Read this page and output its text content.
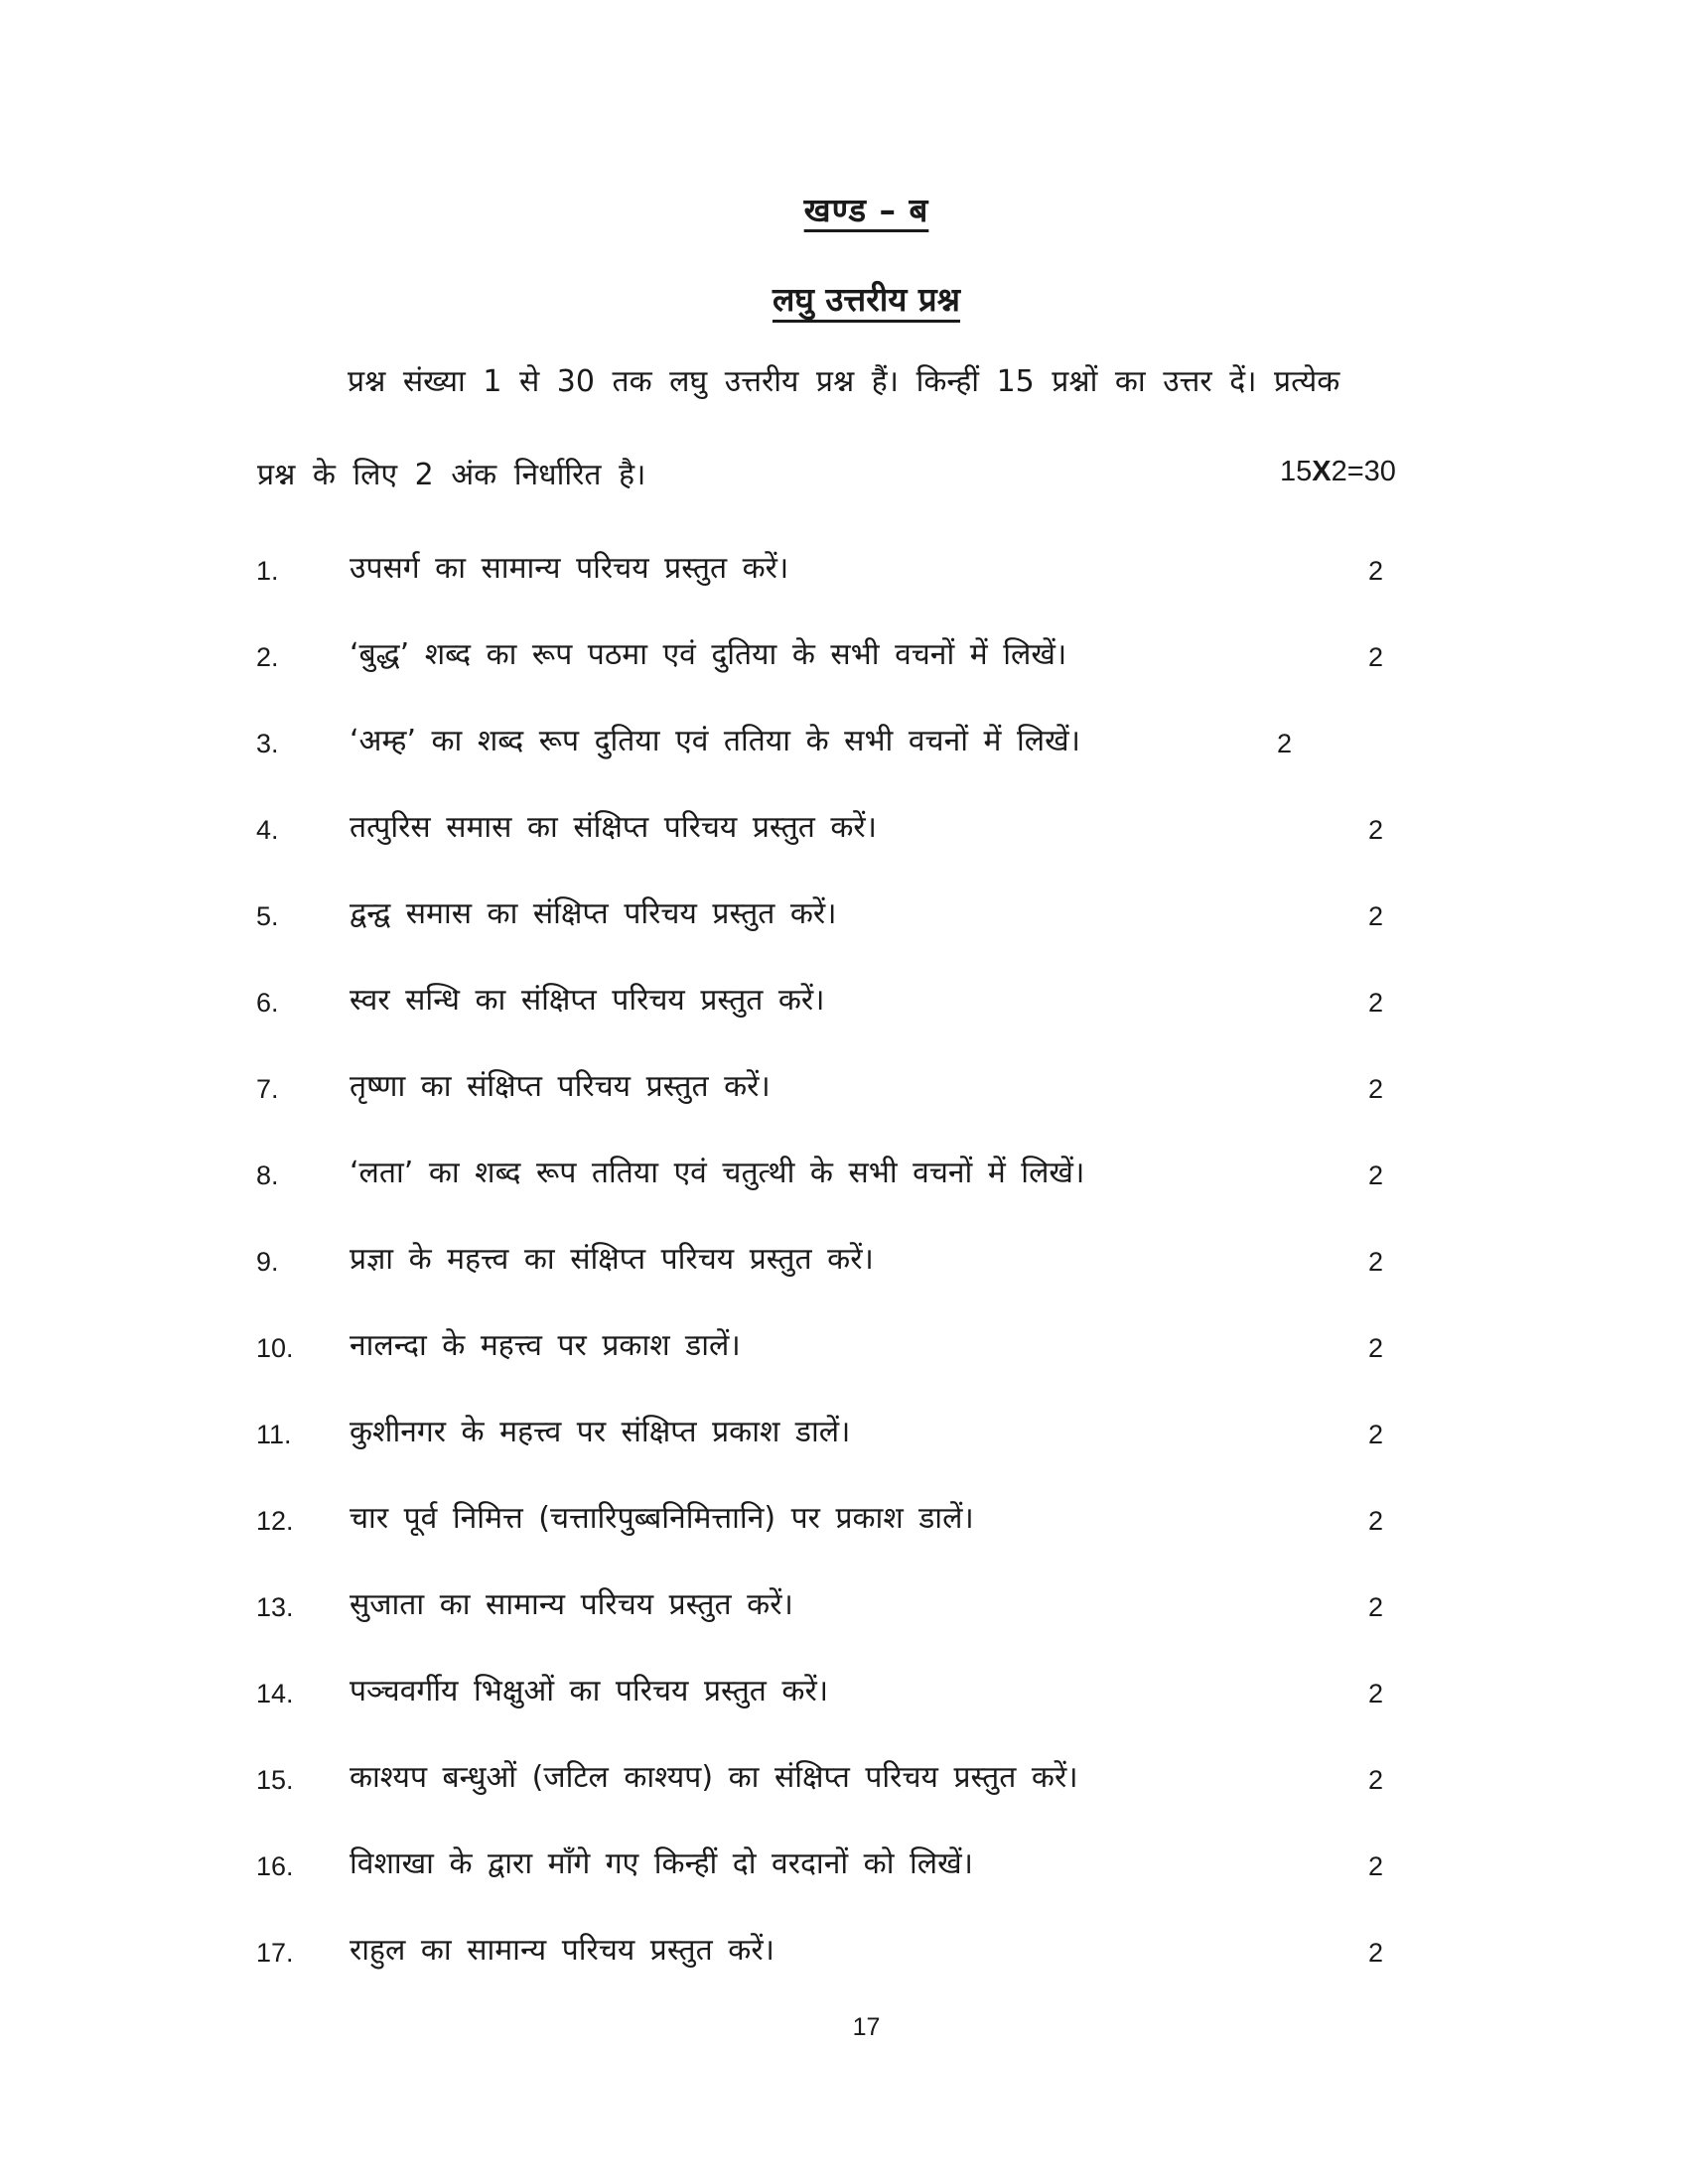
खण्ड – ब
लघु उत्तरीय प्रश्न
प्रश्न संख्या 1 से 30 तक लघु उत्तरीय प्रश्न हैं। किन्हीं 15 प्रश्नों का उत्तर दें। प्रत्येक
प्रश्न के लिए 2 अंक निर्धारित है।	15X2=30
1. उपसर्ग का सामान्य परिचय प्रस्तुत करें।	2
2. ‘बुद्ध’ शब्द का रूप पठमा एवं दुतिया के सभी वचनों में लिखें।	2
3. ‘अम्ह’ का शब्द रूप दुतिया एवं ततिया के सभी वचनों में लिखें।	2
4. तत्पुरिस समास का संक्षिप्त परिचय प्रस्तुत करें।	2
5. द्वन्द्व समास का संक्षिप्त परिचय प्रस्तुत करें।	2
6. स्वर सन्धि का संक्षिप्त परिचय प्रस्तुत करें।	2
7. तृष्णा का संक्षिप्त परिचय प्रस्तुत करें।	2
8. ‘लता’ का शब्द रूप ततिया एवं चतुत्थी के सभी वचनों में लिखें।	2
9. प्रज्ञा के महत्त्व का संक्षिप्त परिचय प्रस्तुत करें।	2
10. नालन्दा के महत्त्व पर प्रकाश डालें।	2
11. कुशीनगर के महत्त्व पर संक्षिप्त प्रकाश डालें।	2
12. चार पूर्व निमित्त (चत्तारिपुब्बनिमित्तानि) पर प्रकाश डालें।	2
13. सुजाता का सामान्य परिचय प्रस्तुत करें।	2
14. पञ्चवर्गीय भिक्षुओं का परिचय प्रस्तुत करें।	2
15. काश्यप बन्धुओं (जटिल काश्यप) का संक्षिप्त परिचय प्रस्तुत करें।	2
16. विशाखा के द्वारा माँगे गए किन्हीं दो वरदानों को लिखें।	2
17. राहुल का सामान्य परिचय प्रस्तुत करें।	2
17
